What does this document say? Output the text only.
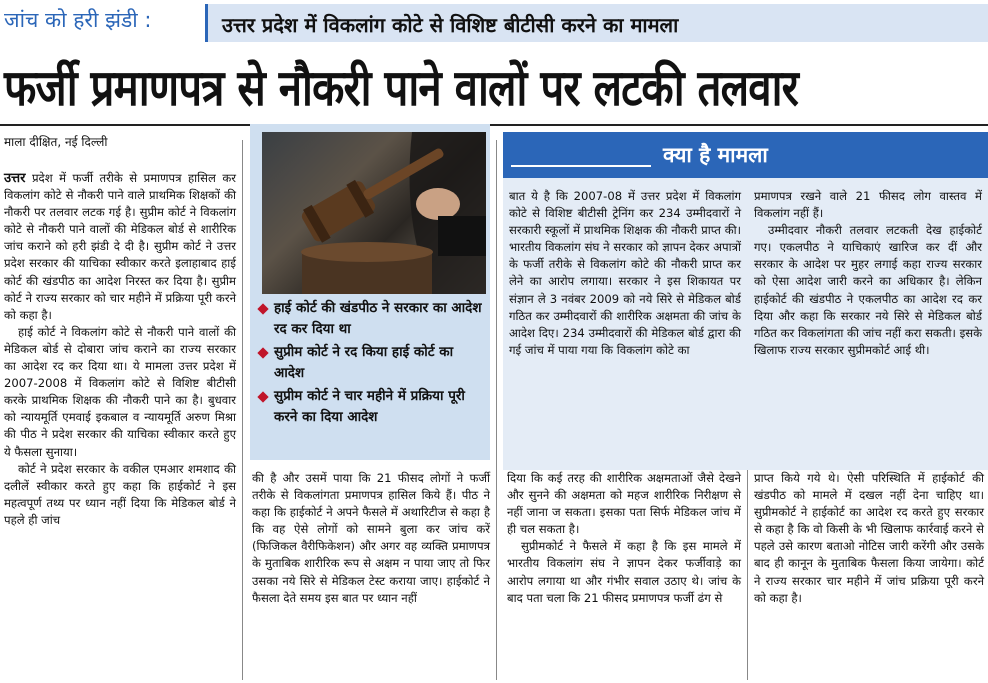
जांच को हरी झंडी :	उत्तर प्रदेश में विकलांग कोटे से विशिष्ट बीटीसी करने का मामला
फर्जी प्रमाणपत्र से नौकरी पाने वालों पर लटकी तलवार
माला दीक्षित, नई दिल्ली

उत्तर प्रदेश में फर्जी तरीके से प्रमाणपत्र हासिल कर विकलांग कोटे से नौकरी पाने वाले प्राथमिक शिक्षकों की नौकरी पर तलवार लटक गई है। सुप्रीम कोर्ट ने विकलांग कोटे से नौकरी पाने वालों की मेडिकल बोर्ड से शारीरिक जांच कराने को हरी झंडी दे दी है। सुप्रीम कोर्ट ने उत्तर प्रदेश सरकार की याचिका स्वीकार करते इलाहाबाद हाई कोर्ट की खंडपीठ का आदेश निरस्त कर दिया है। सुप्रीम कोर्ट ने राज्य सरकार को चार महीने में प्रक्रिया पूरी करने को कहा है।

हाई कोर्ट ने विकलांग कोटे से नौकरी पाने वालों की मेडिकल बोर्ड से दोबारा जांच कराने का राज्य सरकार का आदेश रद कर दिया था। ये मामला उत्तर प्रदेश में 2007-2008 में विकलांग कोटे से विशिष्ट बीटीसी करके प्राथमिक शिक्षक की नौकरी पाने का है। बुधवार को न्यायमूर्ति एमवाई इकबाल व न्यायमूर्ति अरुण मिश्रा की पीठ ने प्रदेश सरकार की याचिका स्वीकार करते हुए ये फैसला सुनाया।

कोर्ट ने प्रदेश सरकार के वकील एमआर शमशाद की दलीलें स्वीकार करते हुए कहा कि हाईकोर्ट ने इस महत्वपूर्ण तथ्य पर ध्यान नहीं दिया कि मेडिकल बोर्ड ने पहले ही जांच

हाई कोर्ट की खंडपीठ ने सरकार का आदेश रद कर दिया था
सुप्रीम कोर्ट ने रद किया हाई कोर्ट का आदेश
सुप्रीम कोर्ट ने चार महीने में प्रक्रिया पूरी करने का दिया आदेश

की है और उसमें पाया कि 21 फीसद लोगों ने फर्जी तरीके से विकलांगता प्रमाणपत्र हासिल किये हैं। पीठ ने कहा कि हाईकोर्ट ने अपने फैसले में अथारिटीज से कहा है कि वह ऐसे लोगों को सामने बुला कर जांच करें (फिजिकल वैरीफिकेशन) और अगर वह व्यक्ति प्रमाणपत्र के मुताबिक शारीरिक रूप से अक्षम न पाया जाए तो फिर उसका नये सिरे से मेडिकल टेस्ट कराया जाए। हाईकोर्ट ने फैसला देते समय इस बात पर ध्यान नहीं

क्या है मामला

बात ये है कि 2007-08 में उत्तर प्रदेश में विकलांग कोटे से विशिष्ट बीटीसी ट्रेनिंग कर 234 उम्मीदवारों ने सरकारी स्कूलों में प्राथमिक शिक्षक की नौकरी प्राप्त की। भारतीय विकलांग संघ ने सरकार को ज्ञापन देकर अपात्रों के फर्जी तरीके से विकलांग कोटे की नौकरी प्राप्त कर लेने का आरोप लगाया। सरकार ने इस शिकायत पर संज्ञान ले 3 नवंबर 2009 को नये सिरे से मेडिकल बोर्ड गठित कर उम्मीदवारों की शारीरिक अक्षमता की जांच के आदेश दिए। 234 उम्मीदवारों की मेडिकल बोर्ड द्वारा की गई जांच में पाया गया कि विकलांग कोटे का

प्रमाणपत्र रखने वाले 21 फीसद लोग वास्तव में विकलांग नहीं हैं।

उम्मीदवार नौकरी तलवार लटकती देख हाईकोर्ट गए। एकलपीठ ने याचिकाएं खारिज कर दीं और सरकार के आदेश पर मुहर लगाई कहा राज्य सरकार को ऐसा आदेश जारी करने का अधिकार है। लेकिन हाईकोर्ट की खंडपीठ ने एकलपीठ का आदेश रद कर दिया और कहा कि सरकार नये सिरे से मेडिकल बोर्ड गठित कर विकलांगता की जांच नहीं करा सकती। इसके खिलाफ राज्य सरकार सुप्रीमकोर्ट आई थी।

दिया कि कई तरह की शारीरिक अक्षमताओं जैसे देखने और सुनने की अक्षमता को महज शारीरिक निरीक्षण से नहीं जाना ज सकता। इसका पता सिर्फ मेडिकल जांच में ही चल सकता है।

सुप्रीमकोर्ट ने फैसले में कहा है कि इस मामले में भारतीय विकलांग संघ ने ज्ञापन देकर फर्जीवाड़े का आरोप लगाया था और गंभीर सवाल उठाए थे। जांच के बाद पता चला कि 21 फीसद प्रमाणपत्र फर्जी ढंग से

प्राप्त किये गये थे। ऐसी परिस्थिति में हाईकोर्ट की खंडपीठ को मामले में दखल नहीं देना चाहिए था। सुप्रीमकोर्ट ने हाईकोर्ट का आदेश रद करते हुए सरकार से कहा है कि वो किसी के भी खिलाफ कार्रवाई करने से पहले उसे कारण बताओ नोटिस जारी करेंगी और उसके बाद ही कानून के मुताबिक फैसला किया जायेगा। कोर्ट ने राज्य सरकार चार महीने में जांच प्रक्रिया पूरी करने को कहा है।
